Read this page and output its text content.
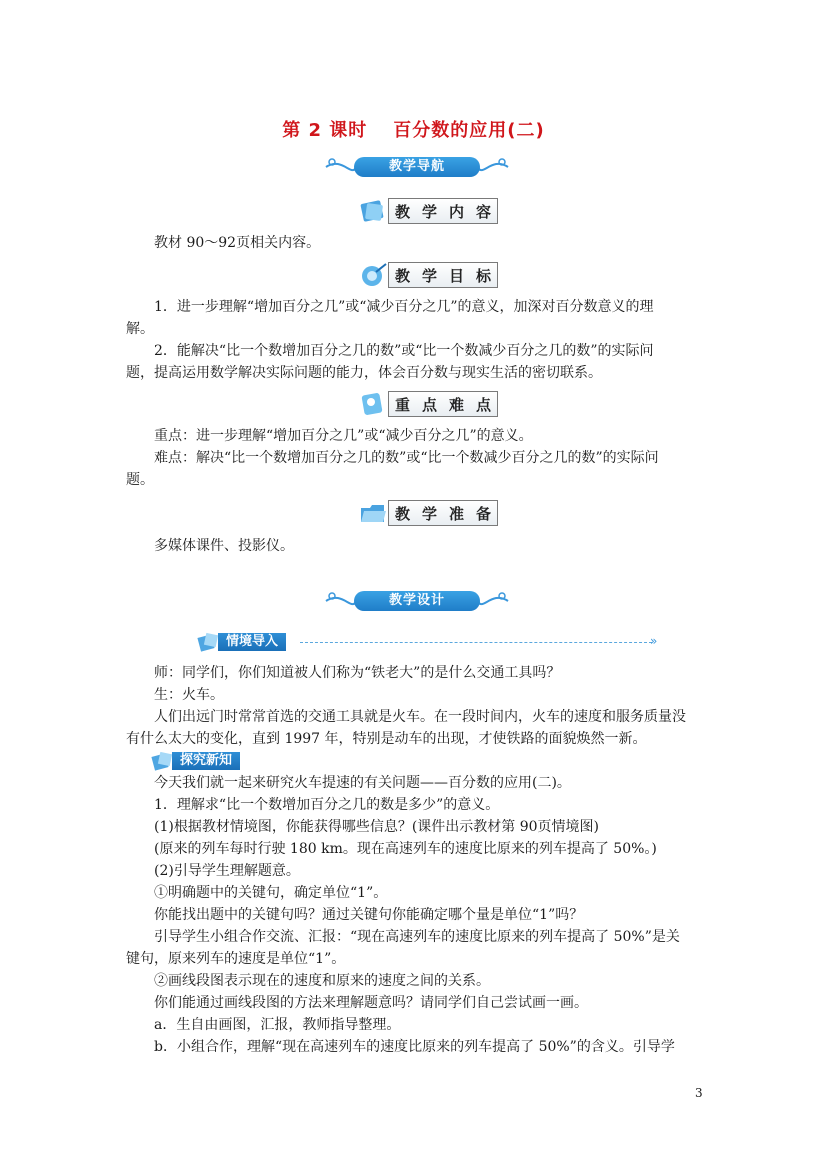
第 2 课时 百分数的应用(二)
教学导航
教 学 内 容
教材 90～92页相关内容。
教 学 目 标
1．进一步理解“增加百分之几”或“减少百分之几”的意义，加深对百分数意义的理
解。
2．能解决“比一个数增加百分之几的数”或“比一个数减少百分之几的数”的实际问
题，提高运用数学解决实际问题的能力，体会百分数与现实生活的密切联系。
重 点 难 点
重点：进一步理解“增加百分之几”或“减少百分之几”的意义。
难点：解决“比一个数增加百分之几的数”或“比一个数减少百分之几的数”的实际问
题。
教 学 准 备
多媒体课件、投影仪。
教学设计
情境导入	»
师：同学们，你们知道被人们称为“铁老大”的是什么交通工具吗？
生：火车。
人们出远门时常常首选的交通工具就是火车。在一段时间内，火车的速度和服务质量没
有什么太大的变化，直到 1997 年，特别是动车的出现，才使铁路的面貌焕然一新。
探究新知
今天我们就一起来研究火车提速的有关问题——百分数的应用(二)。
1．理解求“比一个数增加百分之几的数是多少”的意义。
(1)根据教材情境图，你能获得哪些信息？(课件出示教材第 90页情境图)
(原来的列车每时行驶 180 km。现在高速列车的速度比原来的列车提高了 50%。)
(2)引导学生理解题意。
①明确题中的关键句，确定单位“1”。
你能找出题中的关键句吗？通过关键句你能确定哪个量是单位“1”吗？
引导学生小组合作交流、汇报：“现在高速列车的速度比原来的列车提高了 50%”是关
键句，原来列车的速度是单位“1”。
②画线段图表示现在的速度和原来的速度之间的关系。
你们能通过画线段图的方法来理解题意吗？请同学们自己尝试画一画。
a．生自由画图，汇报，教师指导整理。
b．小组合作，理解“现在高速列车的速度比原来的列车提高了 50%”的含义。引导学
3
